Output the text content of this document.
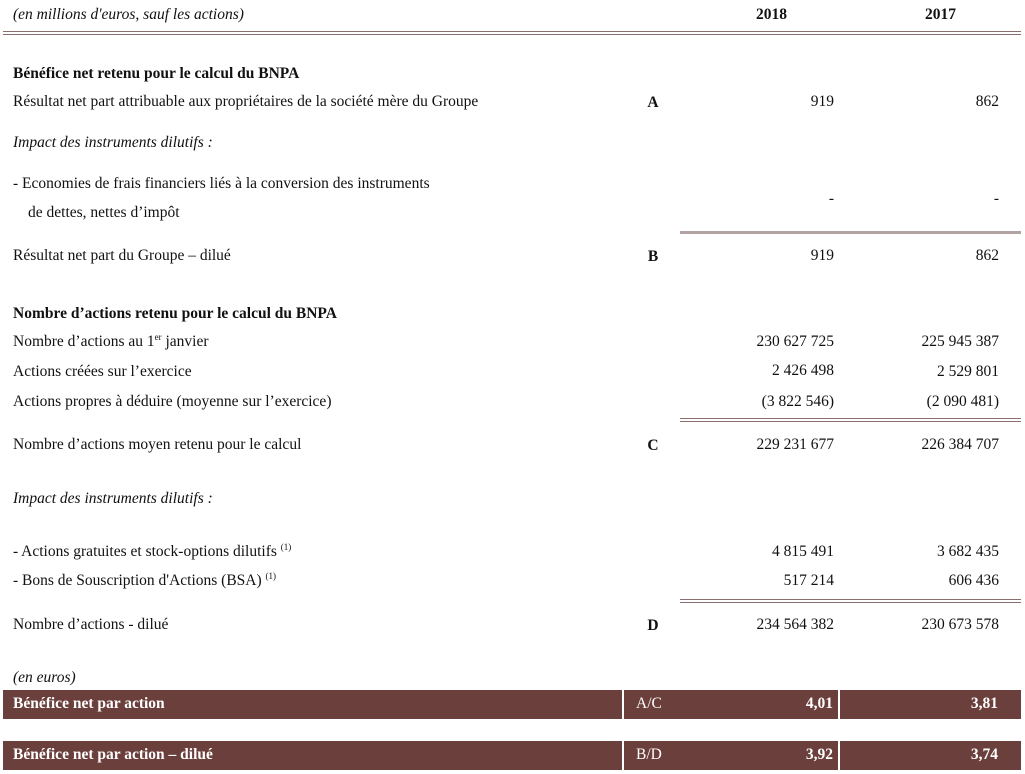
(en millions d'euros, sauf les actions)	2018	2017
Bénéfice net retenu pour le calcul du BNPA
Résultat net part attribuable aux propriétaires de la société mère du Groupe	A	919	862
Impact des instruments dilutifs :
- Economies de frais financiers liés à la conversion des instruments
de dettes, nettes d’impôt
-	-
Résultat net part du Groupe – dilué	B	919	862
Nombre d’actions retenu pour le calcul du BNPA
Nombre d’actions au 1er janvier	230 627 725	225 945 387
Actions créées sur l’exercice	2 426 498	2 529 801
Actions propres à déduire (moyenne sur l’exercice)	(3 822 546)	(2 090 481)
Nombre d’actions moyen retenu pour le calcul	C	229 231 677	226 384 707
Impact des instruments dilutifs :
- Actions gratuites et stock-options dilutifs $^{(1)}$	4 815 491	3 682 435
- Bons de Souscription d'Actions (BSA) $^{(1)}$	517 214	606 436
Nombre d’actions - dilué	D	234 564 382	230 673 578
(en euros)
Bénéfice net par action	A/C	4,01	3,81
Bénéfice net par action – dilué	B/D	3,92	3,74
